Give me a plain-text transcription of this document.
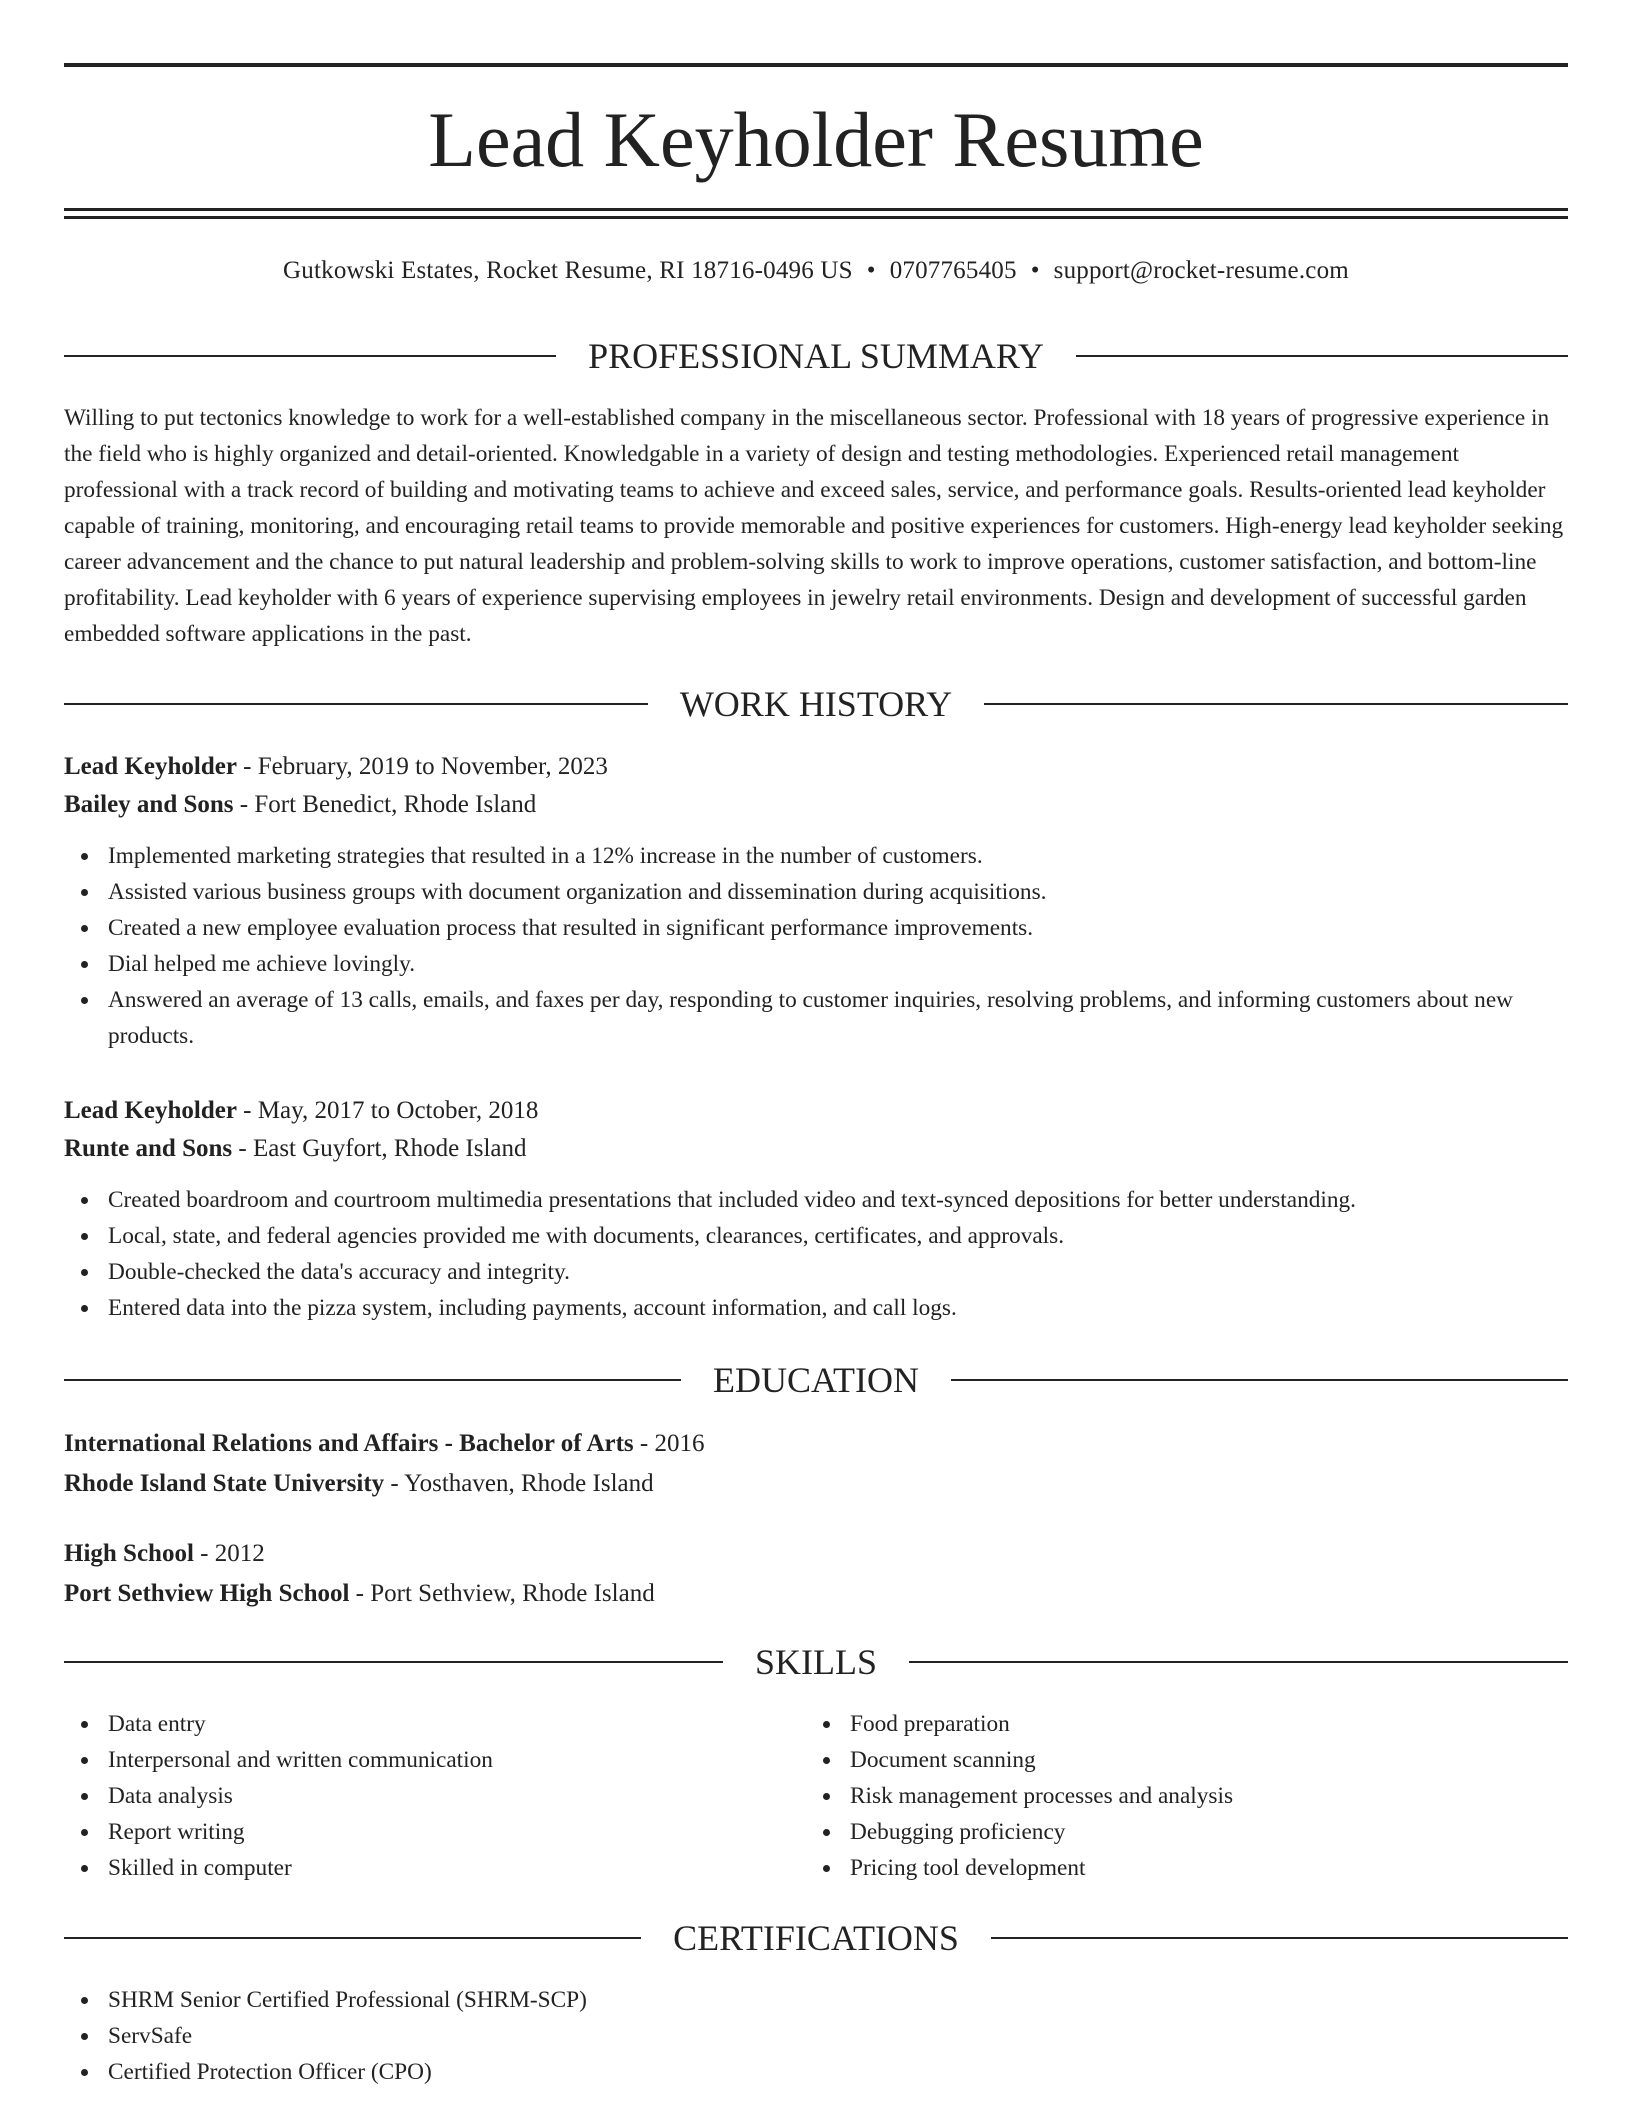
Lead Keyholder Resume
Gutkowski Estates, Rocket Resume, RI 18716-0496 US • 0707765405 • support@rocket-resume.com
PROFESSIONAL SUMMARY

Willing to put tectonics knowledge to work for a well-established company in the miscellaneous sector. Professional with 18 years of progressive experience in the field who is highly organized and detail-oriented. Knowledgable in a variety of design and testing methodologies. Experienced retail management professional with a track record of building and motivating teams to achieve and exceed sales, service, and performance goals. Results-oriented lead keyholder capable of training, monitoring, and encouraging retail teams to provide memorable and positive experiences for customers. High-energy lead keyholder seeking career advancement and the chance to put natural leadership and problem-solving skills to work to improve operations, customer satisfaction, and bottom-line profitability. Lead keyholder with 6 years of experience supervising employees in jewelry retail environments. Design and development of successful garden embedded software applications in the past.

WORK HISTORY
Lead Keyholder - February, 2019 to November, 2023
Bailey and Sons - Fort Benedict, Rhode Island
Implemented marketing strategies that resulted in a 12% increase in the number of customers.
Assisted various business groups with document organization and dissemination during acquisitions.
Created a new employee evaluation process that resulted in significant performance improvements.
Dial helped me achieve lovingly.
Answered an average of 13 calls, emails, and faxes per day, responding to customer inquiries, resolving problems, and informing customers about new products.
Lead Keyholder - May, 2017 to October, 2018
Runte and Sons - East Guyfort, Rhode Island
Created boardroom and courtroom multimedia presentations that included video and text-synced depositions for better understanding.
Local, state, and federal agencies provided me with documents, clearances, certificates, and approvals.
Double-checked the data's accuracy and integrity.
Entered data into the pizza system, including payments, account information, and call logs.
EDUCATION
International Relations and Affairs - Bachelor of Arts - 2016
Rhode Island State University - Yosthaven, Rhode Island
High School - 2012
Port Sethview High School - Port Sethview, Rhode Island
SKILLS
Data entry
Interpersonal and written communication
Data analysis
Report writing
Skilled in computer
Food preparation
Document scanning
Risk management processes and analysis
Debugging proficiency
Pricing tool development
CERTIFICATIONS
SHRM Senior Certified Professional (SHRM-SCP)
ServSafe
Certified Protection Officer (CPO)
